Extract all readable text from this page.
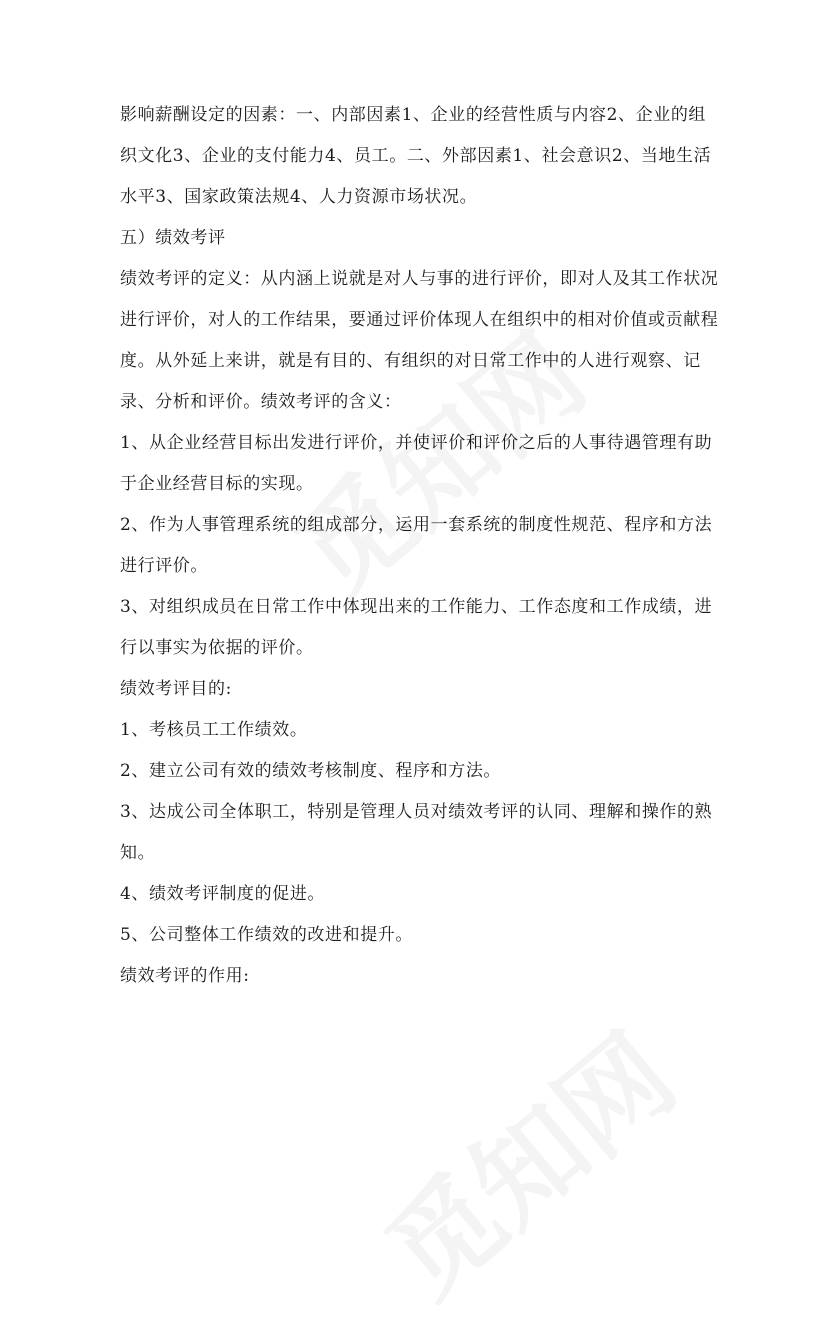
影响薪酬设定的因素：一、内部因素1、企业的经营性质与内容2、企业的组织文化3、企业的支付能力4、员工。二、外部因素1、社会意识2、当地生活水平3、国家政策法规4、人力资源市场状况。

五）绩效考评

绩效考评的定义：从内涵上说就是对人与事的进行评价，即对人及其工作状况进行评价，对人的工作结果，要通过评价体现人在组织中的相对价值或贡献程度。从外延上来讲，就是有目的、有组织的对日常工作中的人进行观察、记录、分析和评价。绩效考评的含义：

1、从企业经营目标出发进行评价，并使评价和评价之后的人事待遇管理有助于企业经营目标的实现。

2、作为人事管理系统的组成部分，运用一套系统的制度性规范、程序和方法进行评价。

3、对组织成员在日常工作中体现出来的工作能力、工作态度和工作成绩，进行以事实为依据的评价。

绩效考评目的:

1、考核员工工作绩效。

2、建立公司有效的绩效考核制度、程序和方法。

3、达成公司全体职工，特别是管理人员对绩效考评的认同、理解和操作的熟知。

4、绩效考评制度的促进。

5、公司整体工作绩效的改进和提升。

绩效考评的作用:
